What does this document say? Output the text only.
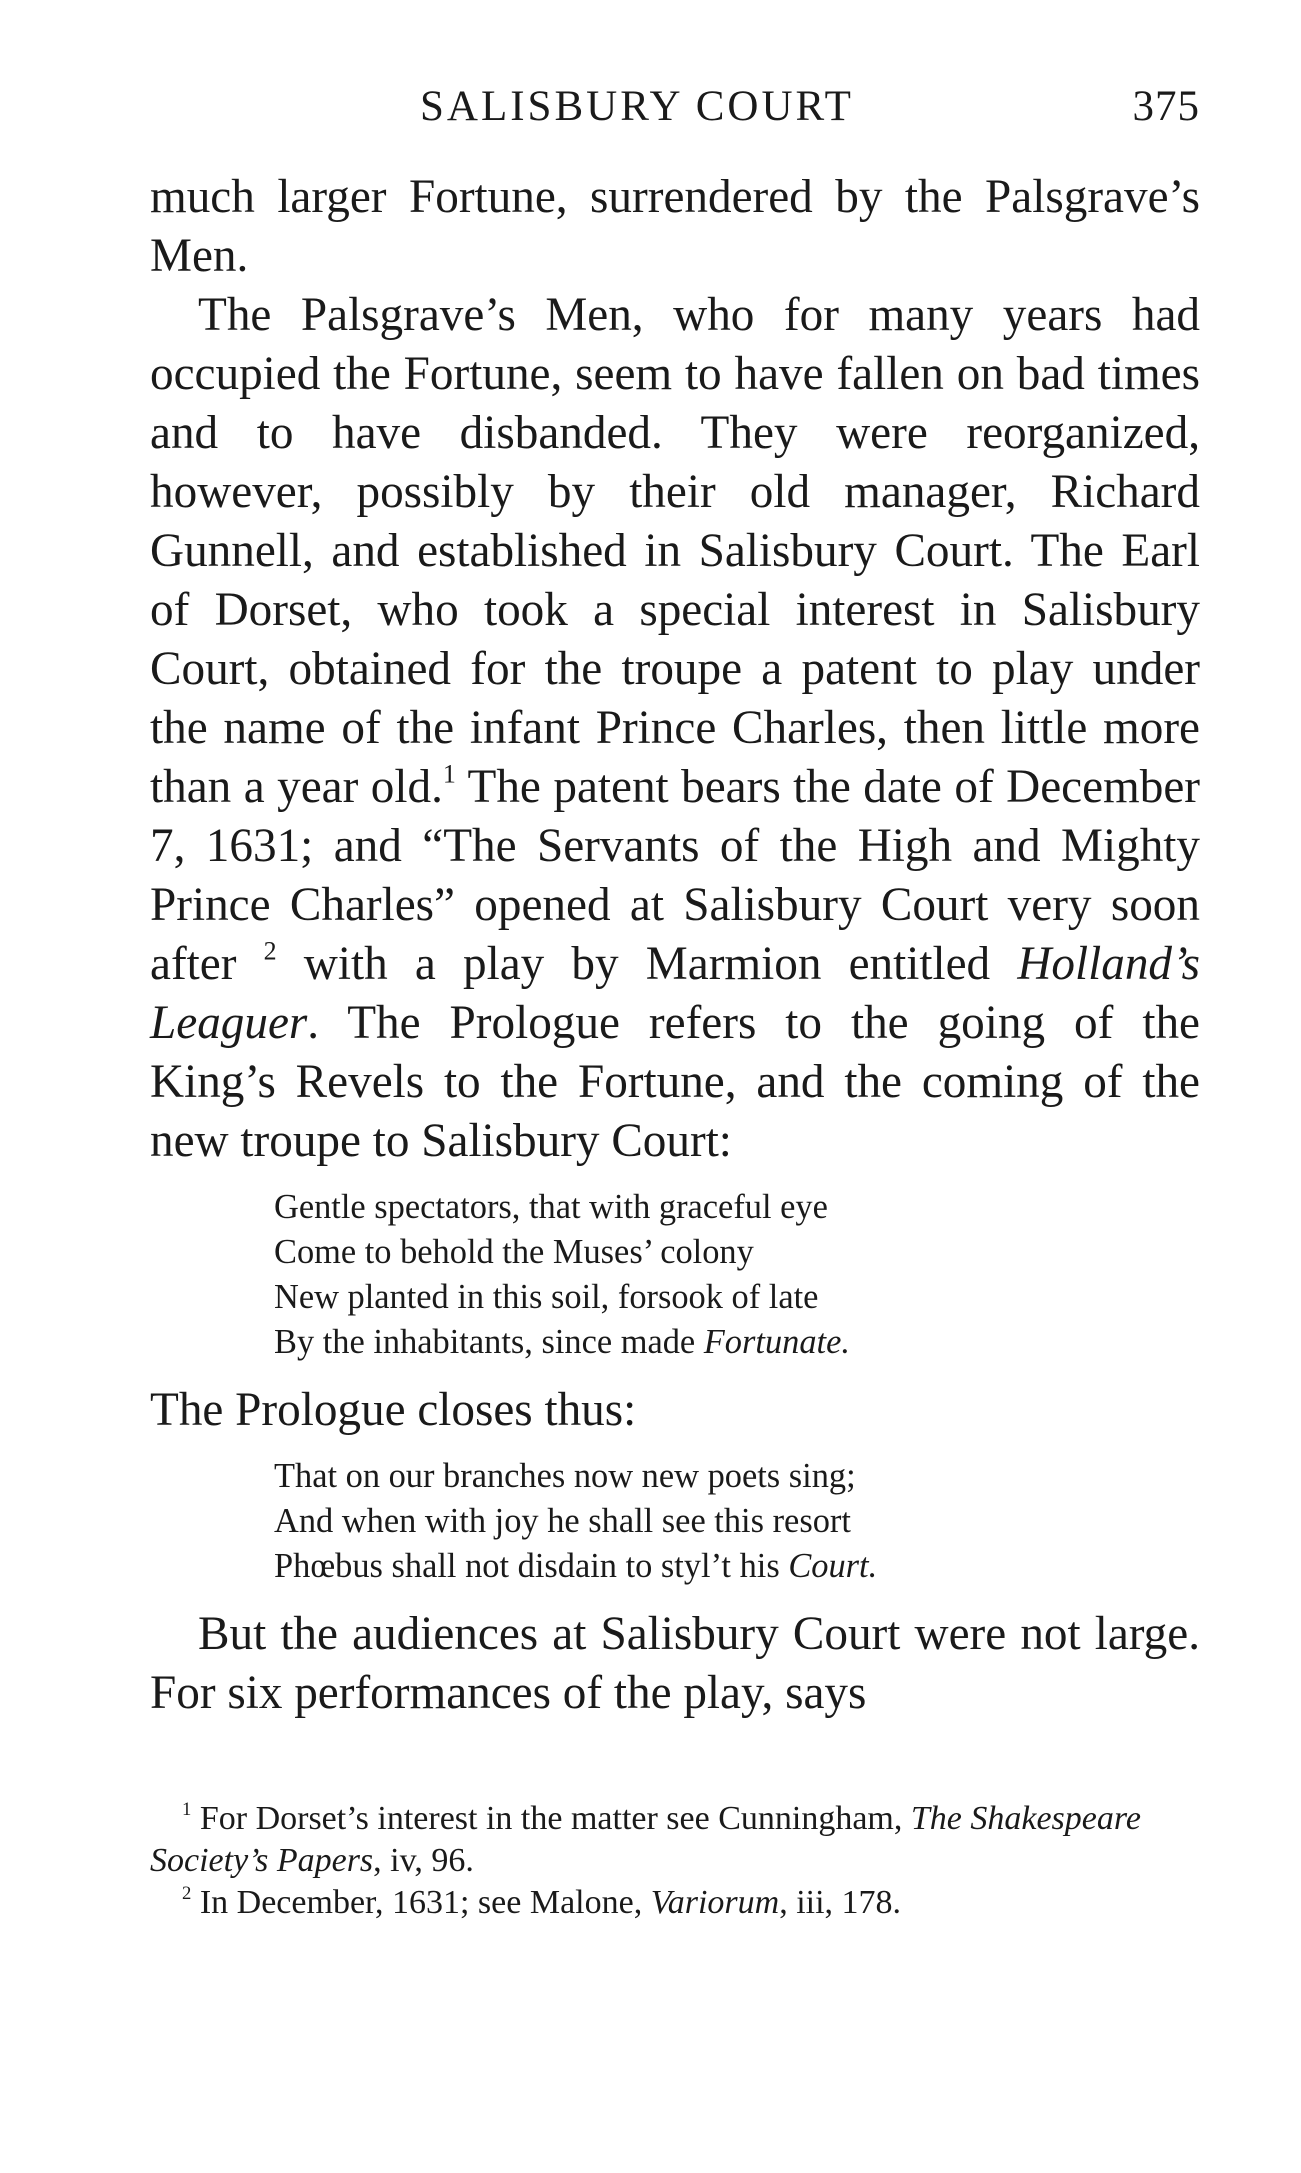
SALISBURY COURT	375

much larger Fortune, surrendered by the Palsgrave’s Men.

The Palsgrave’s Men, who for many years had occupied the Fortune, seem to have fallen on bad times and to have disbanded. They were reorganized, however, possibly by their old manager, Richard Gunnell, and established in Salisbury Court. The Earl of Dorset, who took a special interest in Salisbury Court, obtained for the troupe a patent to play under the name of the infant Prince Charles, then little more than a year old.$^1$ The patent bears the date of December 7, 1631; and “The Servants of the High and Mighty Prince Charles” opened at Salisbury Court very soon after $^2$ with a play by Marmion entitled Holland’s Leaguer. The Prologue refers to the going of the King’s Revels to the Fortune, and the coming of the new troupe to Salisbury Court:

Gentle spectators, that with graceful eye
Come to behold the Muses’ colony
New planted in this soil, forsook of late
By the inhabitants, since made Fortunate.

The Prologue closes thus:

That on our branches now new poets sing;
And when with joy he shall see this resort
Phœbus shall not disdain to styl’t his Court.

But the audiences at Salisbury Court were not large. For six performances of the play, says

$^1$ For Dorset’s interest in the matter see Cunningham, The Shakespeare Society’s Papers, iv, 96.

$^2$ In December, 1631; see Malone, Variorum, iii, 178.
